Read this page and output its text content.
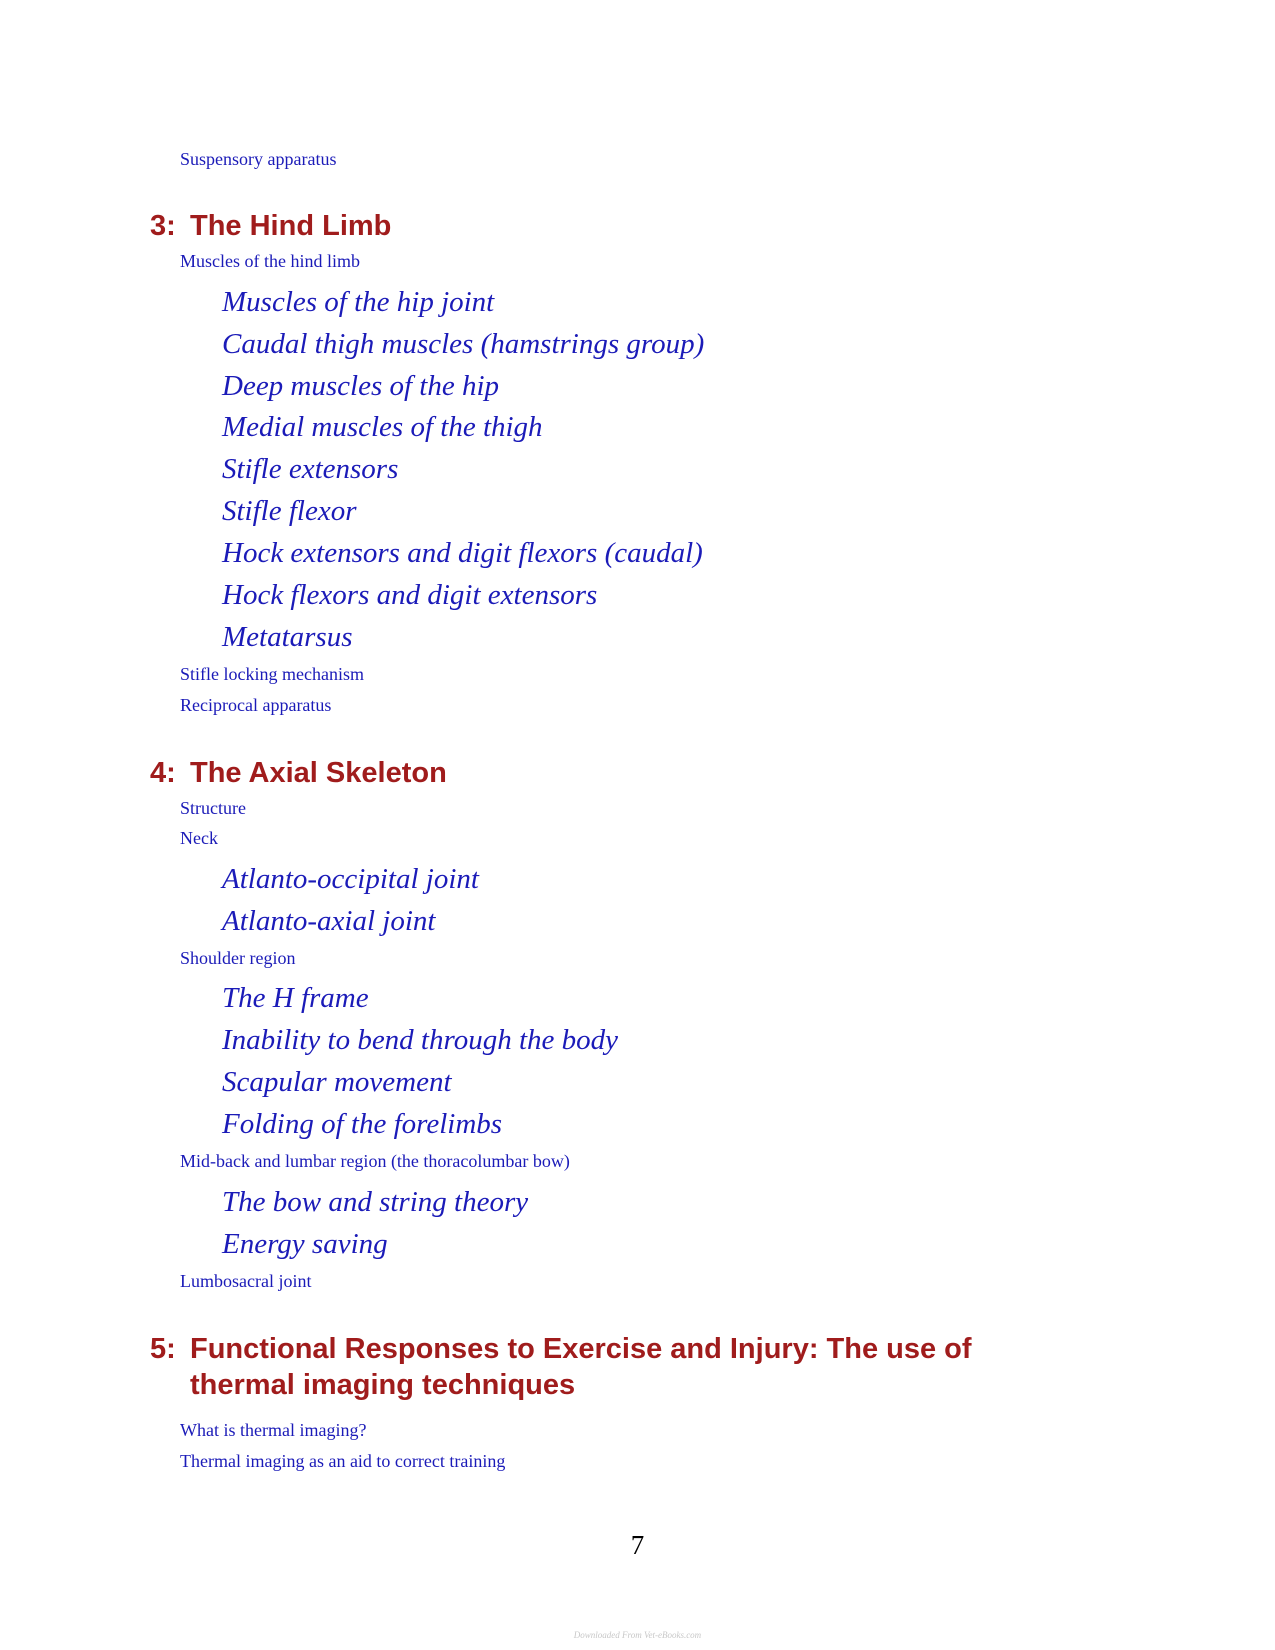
Suspensory apparatus
3: The Hind Limb
Muscles of the hind limb
Muscles of the hip joint
Caudal thigh muscles (hamstrings group)
Deep muscles of the hip
Medial muscles of the thigh
Stifle extensors
Stifle flexor
Hock extensors and digit flexors (caudal)
Hock flexors and digit extensors
Metatarsus
Stifle locking mechanism
Reciprocal apparatus
4: The Axial Skeleton
Structure
Neck
Atlanto-occipital joint
Atlanto-axial joint
Shoulder region
The H frame
Inability to bend through the body
Scapular movement
Folding of the forelimbs
Mid-back and lumbar region (the thoracolumbar bow)
The bow and string theory
Energy saving
Lumbosacral joint
5: Functional Responses to Exercise and Injury: The use of
thermal imaging techniques
What is thermal imaging?
Thermal imaging as an aid to correct training
7
Downloaded From Vet-eBooks.com
